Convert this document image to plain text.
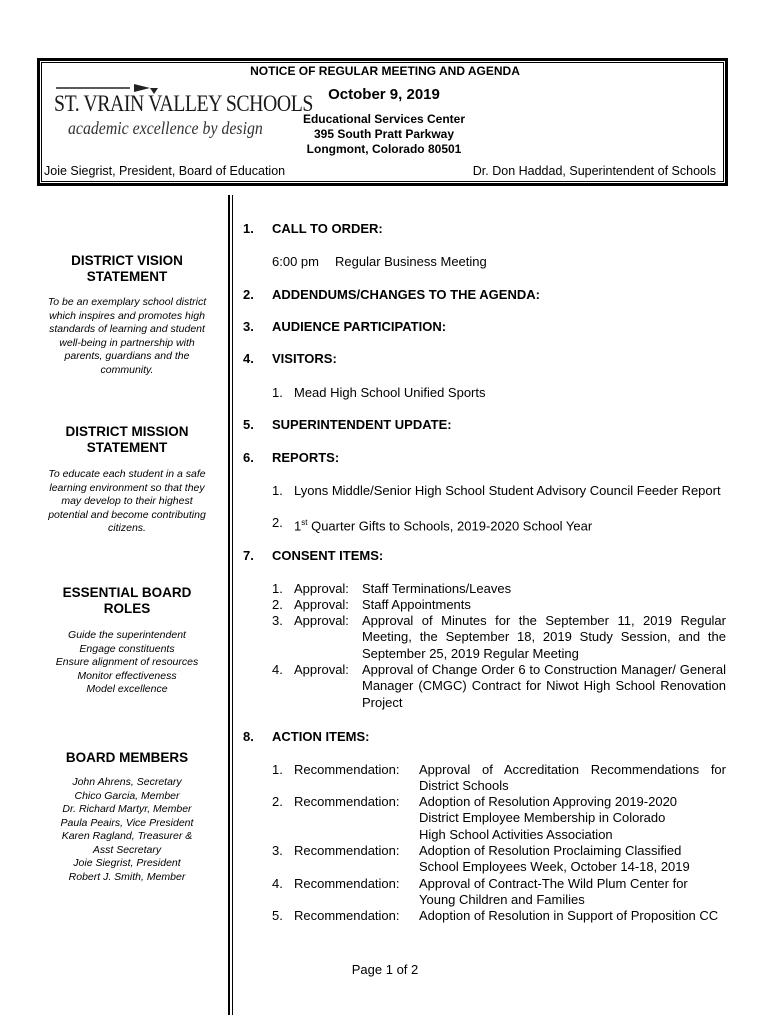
NOTICE OF REGULAR MEETING AND AGENDA
ST. VRAIN VALLEY SCHOOLS
academic excellence by design
October 9, 2019
Educational Services Center
395 South Pratt Parkway
Longmont, Colorado 80501
Joie Siegrist, President, Board of Education	Dr. Don Haddad, Superintendent of Schools
DISTRICT VISION
STATEMENT
To be an exemplary school district
which inspires and promotes high
standards of learning and student
well-being in partnership with
parents, guardians and the
community.
DISTRICT MISSION
STATEMENT
To educate each student in a safe
learning environment so that they
may develop to their highest
potential and become contributing
citizens.
ESSENTIAL BOARD
ROLES
Guide the superintendent
Engage constituents
Ensure alignment of resources
Monitor effectiveness
Model excellence
BOARD MEMBERS
John Ahrens, Secretary
Chico Garcia, Member
Dr. Richard Martyr, Member
Paula Peairs, Vice President
Karen Ragland, Treasurer &
Asst Secretary
Joie Siegrist, President
Robert J. Smith, Member
1. CALL TO ORDER:
6:00 pm Regular Business Meeting
2. ADDENDUMS/CHANGES TO THE AGENDA:
3. AUDIENCE PARTICIPATION:
4. VISITORS:
1. Mead High School Unified Sports
5. SUPERINTENDENT UPDATE:
6. REPORTS:
1. Lyons Middle/Senior High School Student Advisory Council Feeder Report
2. 1st Quarter Gifts to Schools, 2019-2020 School Year
7. CONSENT ITEMS:
1. Approval: Staff Terminations/Leaves
2. Approval: Staff Appointments
3. Approval: Approval of Minutes for the September 11, 2019 Regular Meeting, the September 18, 2019 Study Session, and the September 25, 2019 Regular Meeting
4. Approval: Approval of Change Order 6 to Construction Manager/ General Manager (CMGC) Contract for Niwot High School Renovation Project
8. ACTION ITEMS:
1. Recommendation: Approval of Accreditation Recommendations for District Schools
2. Recommendation: Adoption of Resolution Approving 2019-2020
District Employee Membership in Colorado
High School Activities Association
3. Recommendation: Adoption of Resolution Proclaiming Classified
School Employees Week, October 14-18, 2019
4. Recommendation: Approval of Contract-The Wild Plum Center for
Young Children and Families
5. Recommendation: Adoption of Resolution in Support of Proposition CC
Page 1 of 2
